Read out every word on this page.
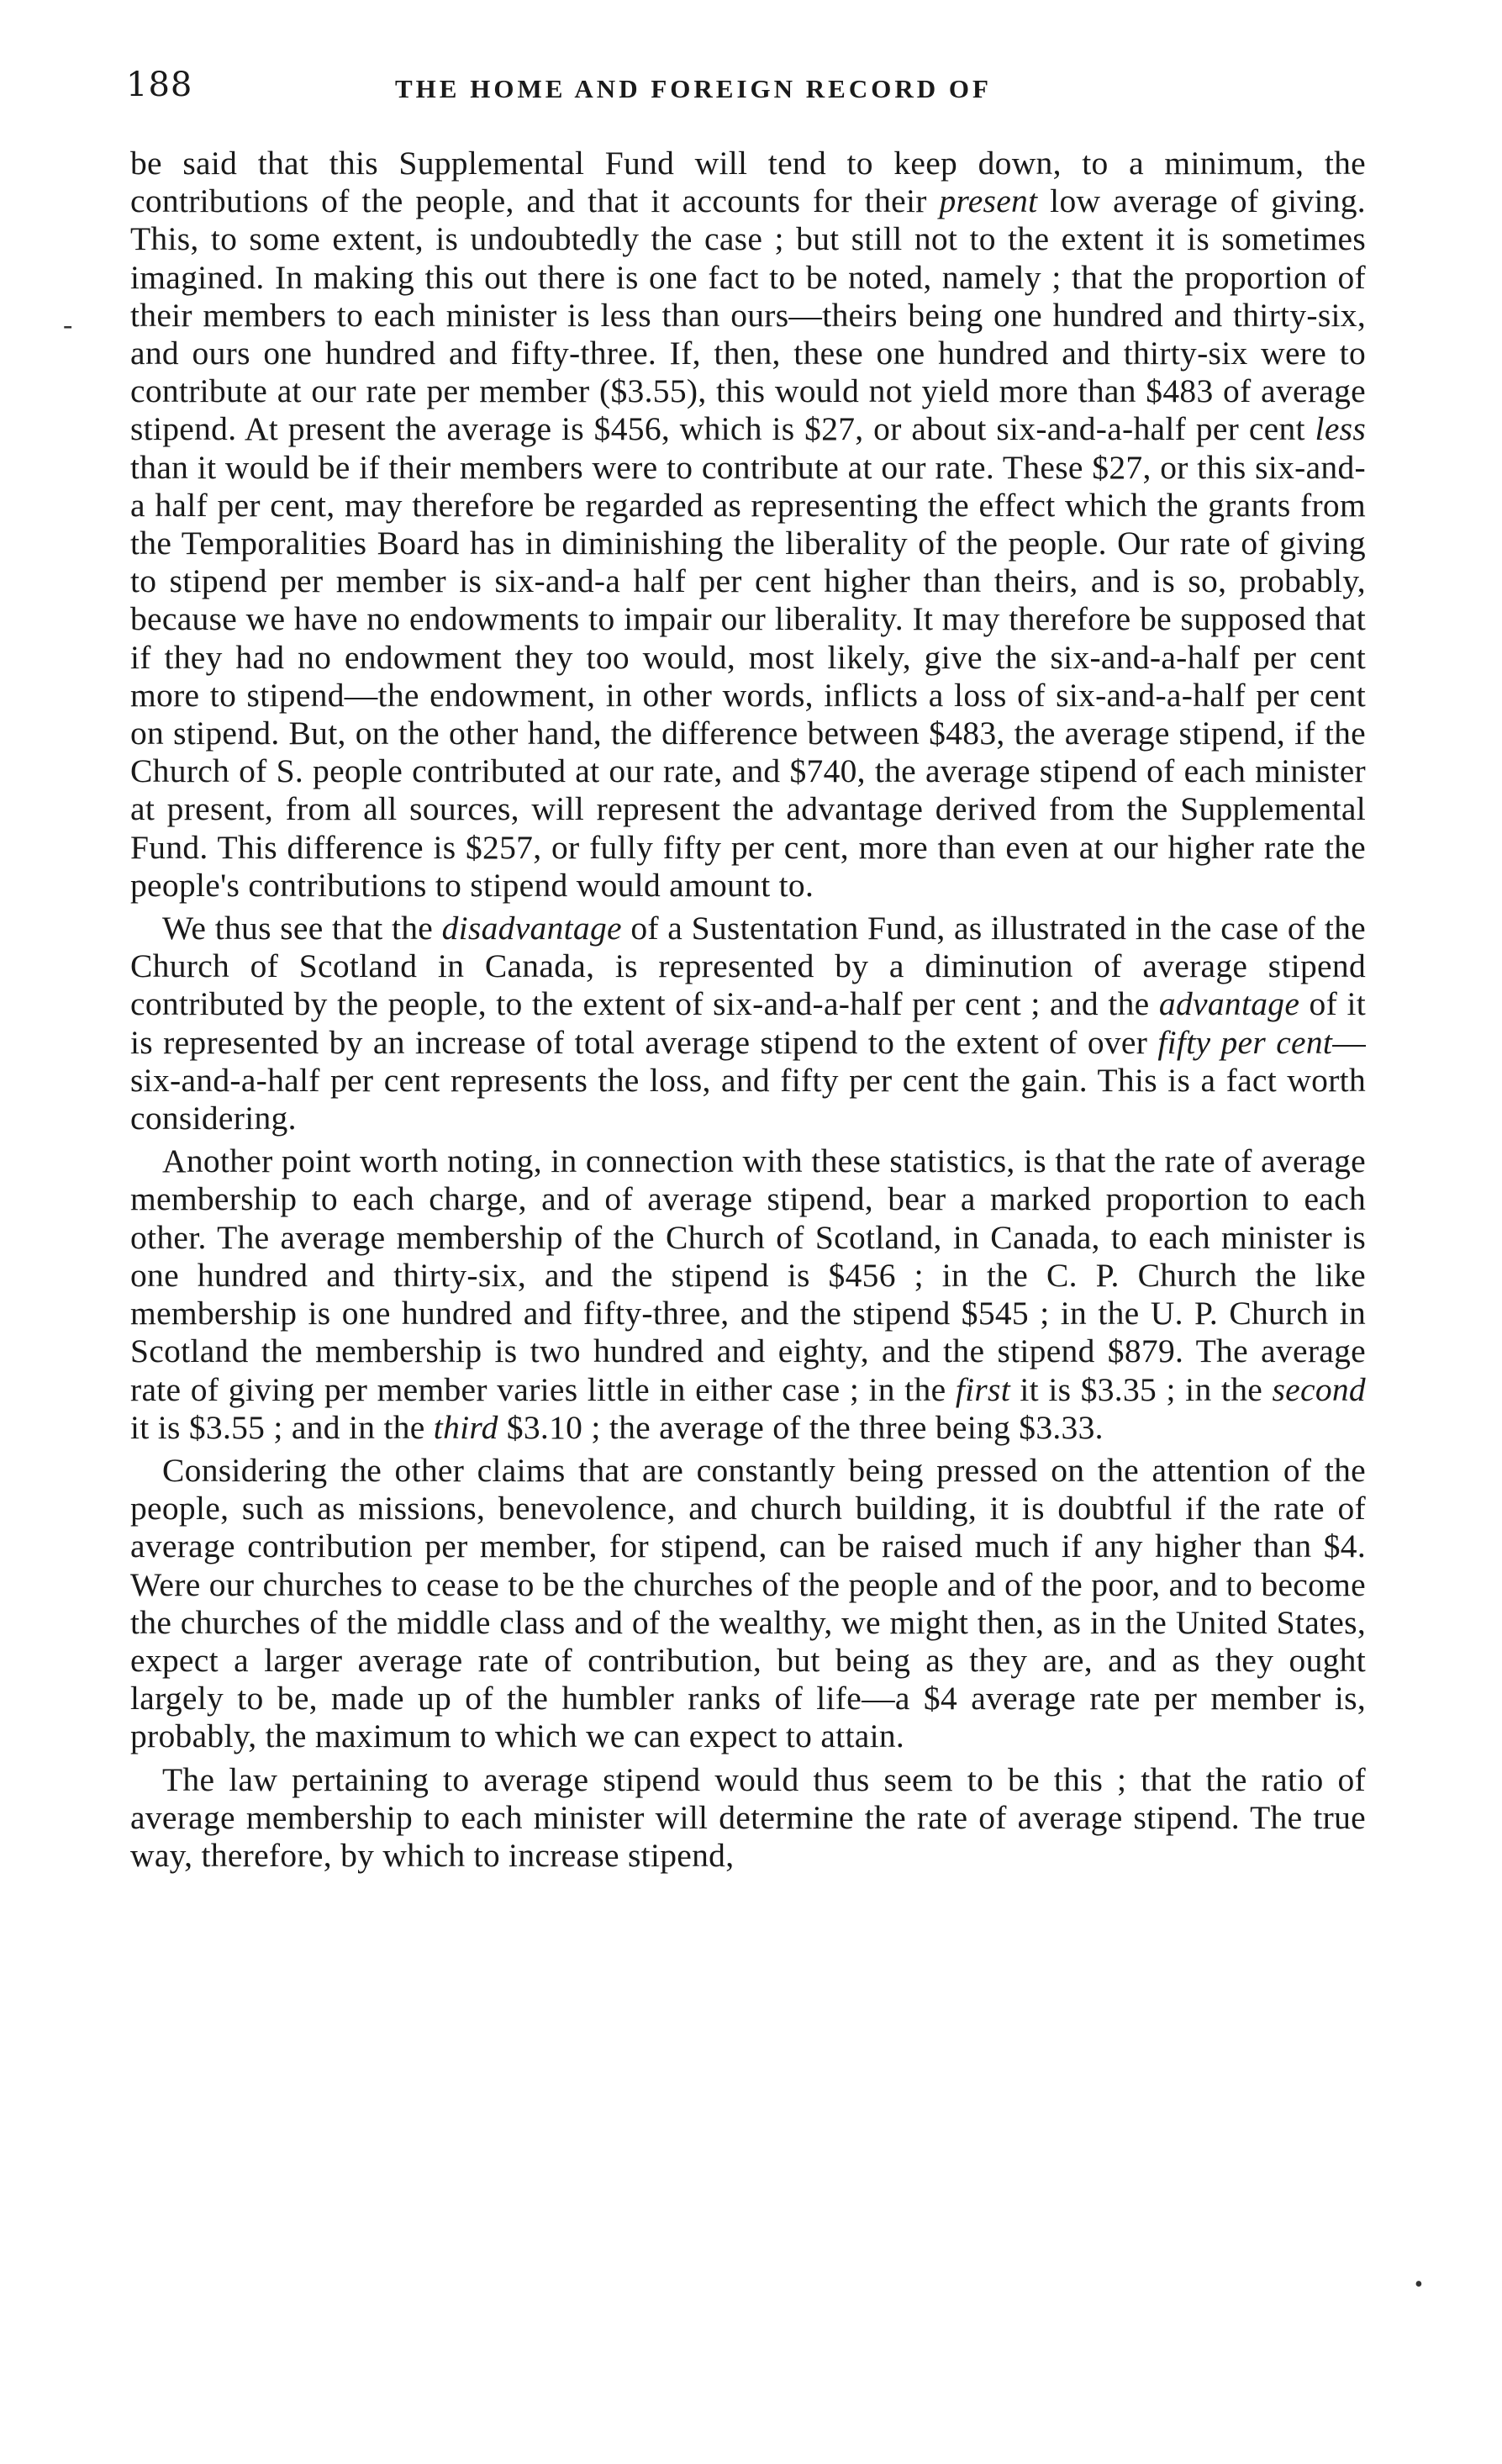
188	THE HOME AND FOREIGN RECORD OF
-

be said that this Supplemental Fund will tend to keep down, to a minimum, the contributions of the people, and that it accounts for their present low average of giving. This, to some extent, is undoubtedly the case ; but still not to the extent it is sometimes imagined. In making this out there is one fact to be noted, namely ; that the proportion of their members to each minister is less than ours—theirs being one hundred and thirty-six, and ours one hundred and fifty-three. If, then, these one hundred and thirty-six were to contribute at our rate per member ($3.55), this would not yield more than $483 of average stipend. At present the average is $456, which is $27, or about six-and-a-half per cent less than it would be if their members were to contribute at our rate. These $27, or this six-and-a half per cent, may therefore be regarded as representing the effect which the grants from the Temporalities Board has in diminishing the liberality of the people. Our rate of giving to stipend per member is six-and-a half per cent higher than theirs, and is so, probably, because we have no endowments to impair our liberality. It may therefore be supposed that if they had no endowment they too would, most likely, give the six-and-a-half per cent more to stipend—the endowment, in other words, inflicts a loss of six-and-a-half per cent on stipend. But, on the other hand, the difference between $483, the average stipend, if the Church of S. people contributed at our rate, and $740, the average stipend of each minister at present, from all sources, will represent the advantage derived from the Supplemental Fund. This difference is $257, or fully fifty per cent, more than even at our higher rate the people's contributions to stipend would amount to.

We thus see that the disadvantage of a Sustentation Fund, as illustrated in the case of the Church of Scotland in Canada, is represented by a diminution of average stipend contributed by the people, to the extent of six-and-a-half per cent ; and the advantage of it is represented by an increase of total average stipend to the extent of over fifty per cent—six-and-a-half per cent represents the loss, and fifty per cent the gain. This is a fact worth considering.

Another point worth noting, in connection with these statistics, is that the rate of average membership to each charge, and of average stipend, bear a marked proportion to each other. The average membership of the Church of Scotland, in Canada, to each minister is one hundred and thirty-six, and the stipend is $456 ; in the C. P. Church the like membership is one hundred and fifty-three, and the stipend $545 ; in the U. P. Church in Scotland the membership is two hundred and eighty, and the stipend $879. The average rate of giving per member varies little in either case ; in the first it is $3.35 ; in the second it is $3.55 ; and in the third $3.10 ; the average of the three being $3.33.

Considering the other claims that are constantly being pressed on the attention of the people, such as missions, benevolence, and church building, it is doubtful if the rate of average contribution per member, for stipend, can be raised much if any higher than $4. Were our churches to cease to be the churches of the people and of the poor, and to become the churches of the middle class and of the wealthy, we might then, as in the United States, expect a larger average rate of contribution, but being as they are, and as they ought largely to be, made up of the humbler ranks of life—a $4 average rate per member is, probably, the maximum to which we can expect to attain.

The law pertaining to average stipend would thus seem to be this ; that the ratio of average membership to each minister will determine the rate of average stipend. The true way, therefore, by which to increase stipend,

•
